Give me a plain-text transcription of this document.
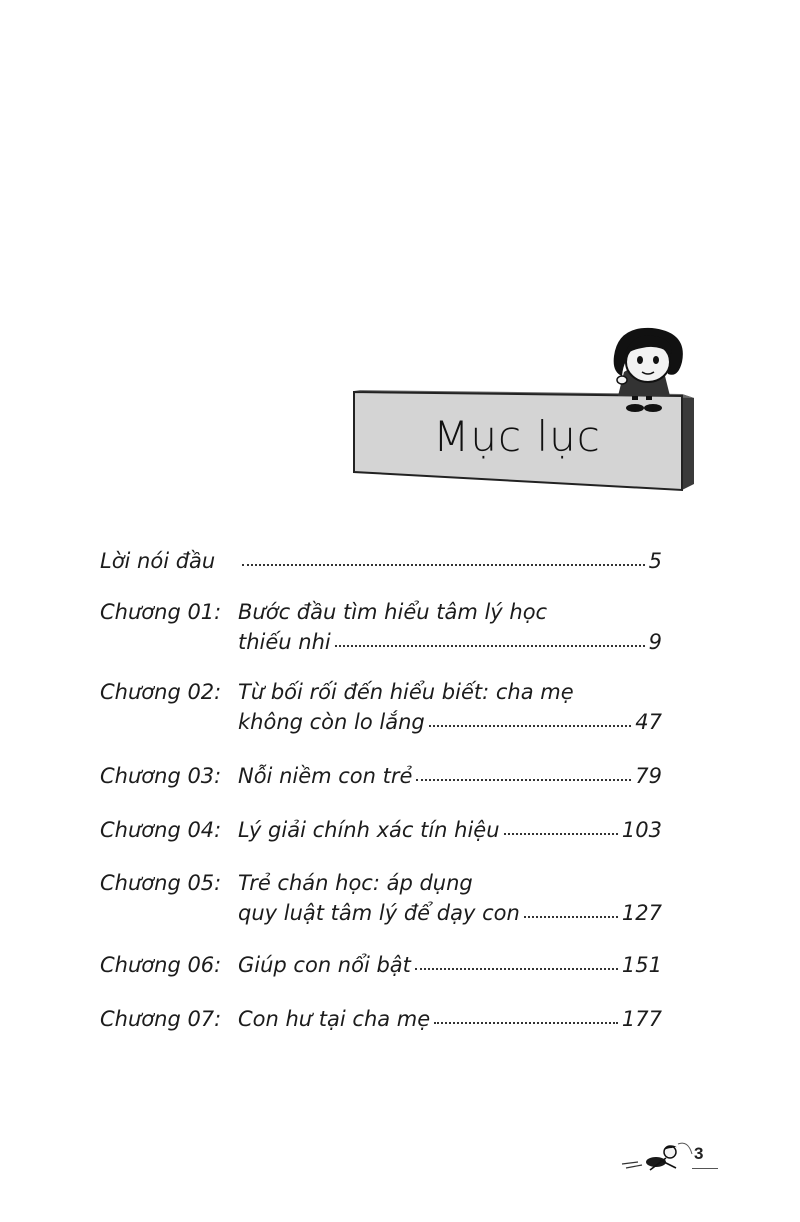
Mục lục
Lời nói đầu	5
Chương 01: Bước đầu tìm hiểu tâm lý học
thiếu nhi	9
Chương 02: Từ bối rối đến hiểu biết: cha mẹ
không còn lo lắng	47
Chương 03: Nỗi niềm con trẻ	79
Chương 04: Lý giải chính xác tín hiệu	103
Chương 05: Trẻ chán học: áp dụng
quy luật tâm lý để dạy con	127
Chương 06: Giúp con nổi bật	151
Chương 07: Con hư tại cha mẹ	177
3
